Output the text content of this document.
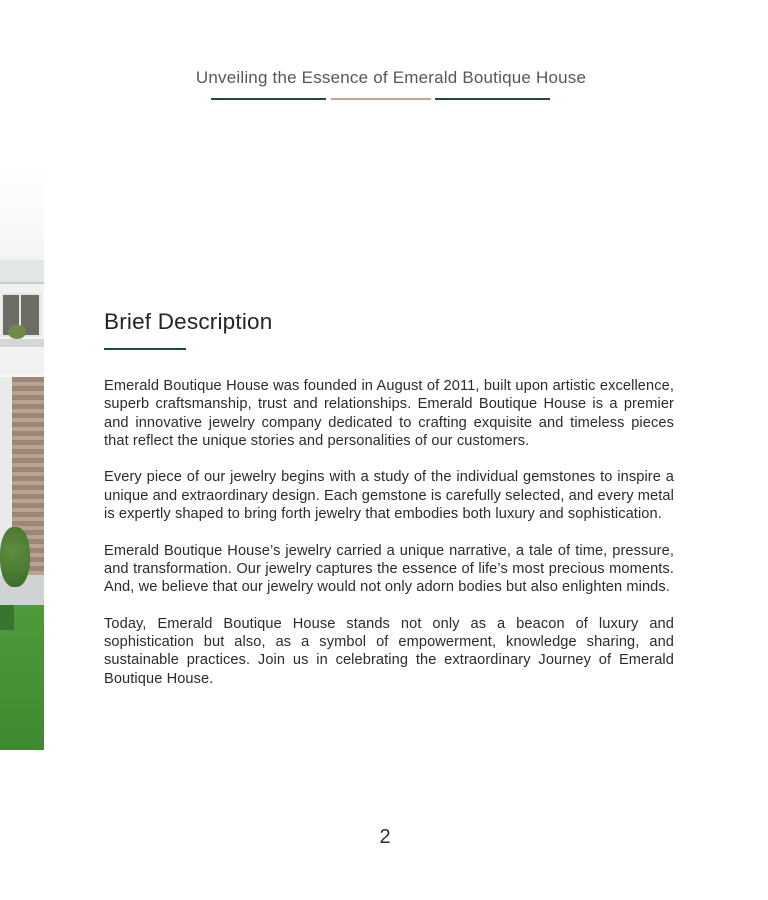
Unveiling the Essence of Emerald Boutique House
Brief Description

Emerald Boutique House was founded in August of 2011, built upon artistic excellence, superb craftsmanship, trust and relationships. Emerald Boutique House is a premier and innovative jewelry company dedicated to crafting exquisite and timeless pieces that reflect the unique stories and personalities of our customers.

Every piece of our jewelry begins with a study of the individual gemstones to inspire a unique and extraordinary design. Each gemstone is carefully selected, and every metal is expertly shaped to bring forth jewelry that embodies both luxury and sophistication.

Emerald Boutique House’s jewelry carried a unique narrative, a tale of time, pressure, and transformation. Our jewelry captures the essence of life’s most precious moments. And, we believe that our jewelry would not only adorn bodies but also enlighten minds.

Today, Emerald Boutique House stands not only as a beacon of luxury and sophistication but also, as a symbol of empowerment, knowledge sharing, and sustainable practices. Join us in celebrating the extraordinary Journey of Emerald Boutique House.

2
